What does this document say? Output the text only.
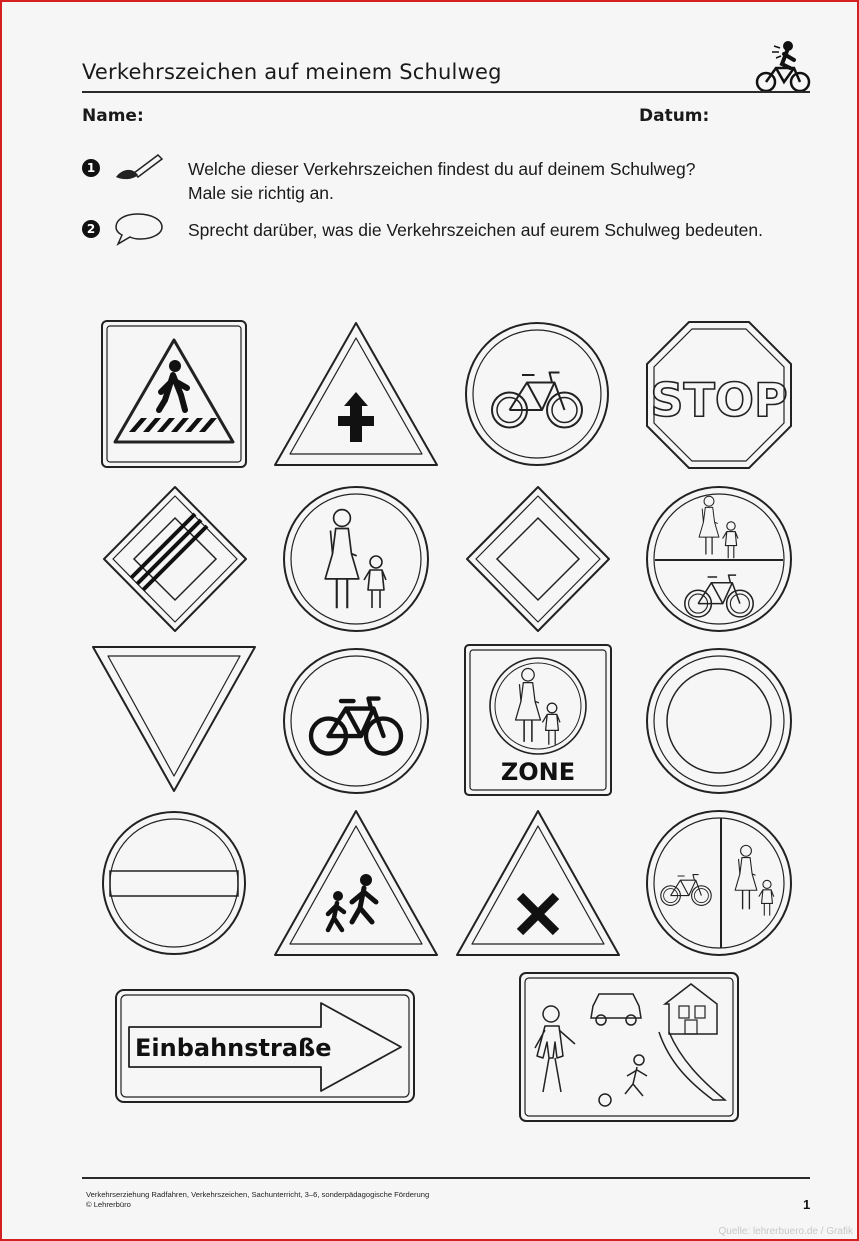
Verkehrszeichen auf meinem Schulweg
Name:	Datum:
1	Welche dieser Verkehrszeichen findest du auf deinem Schulweg?
Male sie richtig an.
2	Sprecht darüber, was die Verkehrszeichen auf eurem Schulweg bedeuten.
STOP
ZONE
Einbahnstraße
Verkehrserziehung Radfahren, Verkehrszeichen, Sachunterricht, 3–6, sonderpädagogische Förderung
© Lehrerbüro	1
Quelle: lehrerbuero.de / Grafik
